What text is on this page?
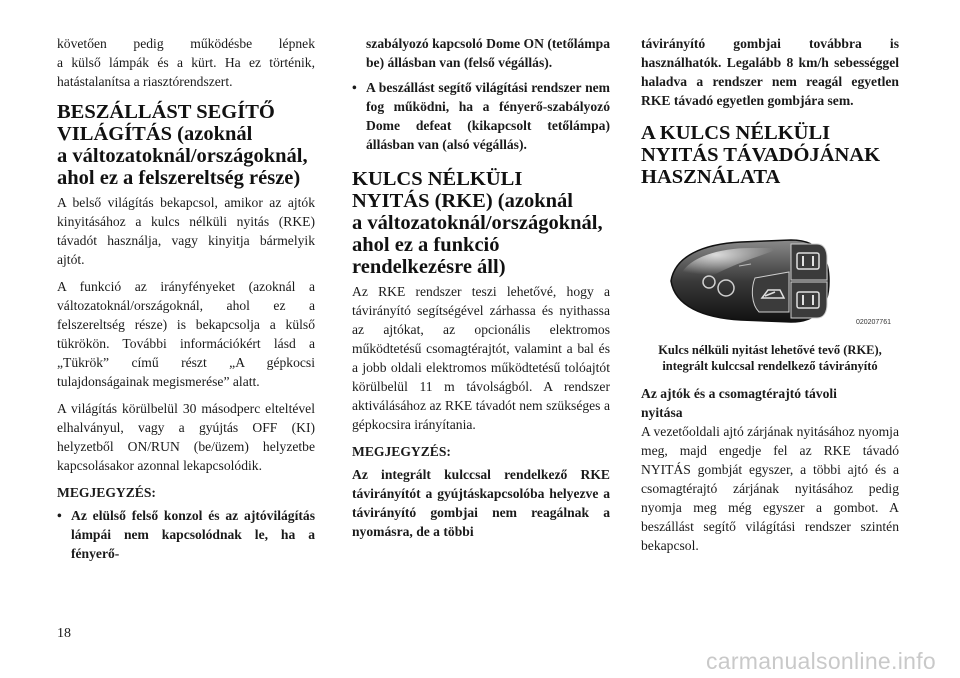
követően pedig működésbe lépnek
a külső lámpák és a kürt. Ha ez történik,
hatástalanítsa a riasztórendszert.

BESZÁLLÁST SEGÍTŐ
VILÁGÍTÁS (azoknál
a változatoknál/országoknál,
ahol ez a felszereltség része)

A belső világítás bekapcsol, amikor az ajtók kinyitásához a kulcs nélküli nyitás (RKE) távadót használja, vagy kinyitja bármelyik ajtót.

A funkció az irányfényeket (azoknál a változatoknál/országoknál, ahol ez a felszereltség része) is bekapcsolja a külső tükrökön. További információkért lásd a „Tükrök” című részt „A gépkocsi tulajdonságainak megismerése” alatt.

A világítás körülbelül 30 másodperc elteltével elhalványul, vagy a gyújtás OFF (KI) helyzetből ON/RUN (be/üzem) helyzetbe kapcsolásakor azonnal lekapcsolódik.

MEGJEGYZÉS:
• Az elülső felső konzol és az ajtóvilágítás lámpái nem kapcsolódnak le, ha a fényerő-
szabályozó kapcsoló Dome ON (tetőlámpa be) állásban van (felső végállás).
• A beszállást segítő világítási rendszer nem fog működni, ha a fényerő-szabályozó Dome defeat (kikapcsolt tetőlámpa) állásban van (alsó végállás).
KULCS NÉLKÜLI
NYITÁS (RKE) (azoknál
a változatoknál/országoknál,
ahol ez a funkció
rendelkezésre áll)

Az RKE rendszer teszi lehetővé, hogy a távirányító segítségével zárhassa és nyithassa az ajtókat, az opcionális elektromos működtetésű csomagtérajtót, valamint a bal és a jobb oldali elektromos működtetésű tolóajtót körülbelül 11 m távolságból. A rendszer aktiválásához az RKE távadót nem szükséges a gépkocsira irányítania.

MEGJEGYZÉS:

Az integrált kulccsal rendelkező RKE távirányítót a gyújtáskapcsolóba helyezve a távirányító gombjai nem reagálnak a nyomásra, de a többi

távirányító gombjai továbbra is használhatók. Legalább 8 km/h sebességgel haladva a rendszer nem reagál egyetlen RKE távadó egyetlen gombjára sem.

A KULCS NÉLKÜLI
NYITÁS TÁVADÓJÁNAK
HASZNÁLATA
020207761
Kulcs nélküli nyitást lehetővé tevő (RKE),
integrált kulccsal rendelkező távirányító
Az ajtók és a csomagtérajtó távoli
nyitása

A vezetőoldali ajtó zárjának nyitásához nyomja meg, majd engedje fel az RKE távadó NYITÁS gombját egyszer, a többi ajtó és a csomagtérajtó zárjának nyitásához pedig nyomja meg még egyszer a gombot. A beszállást segítő világítási rendszer szintén bekapcsol.

18
carmanualsonline.info
